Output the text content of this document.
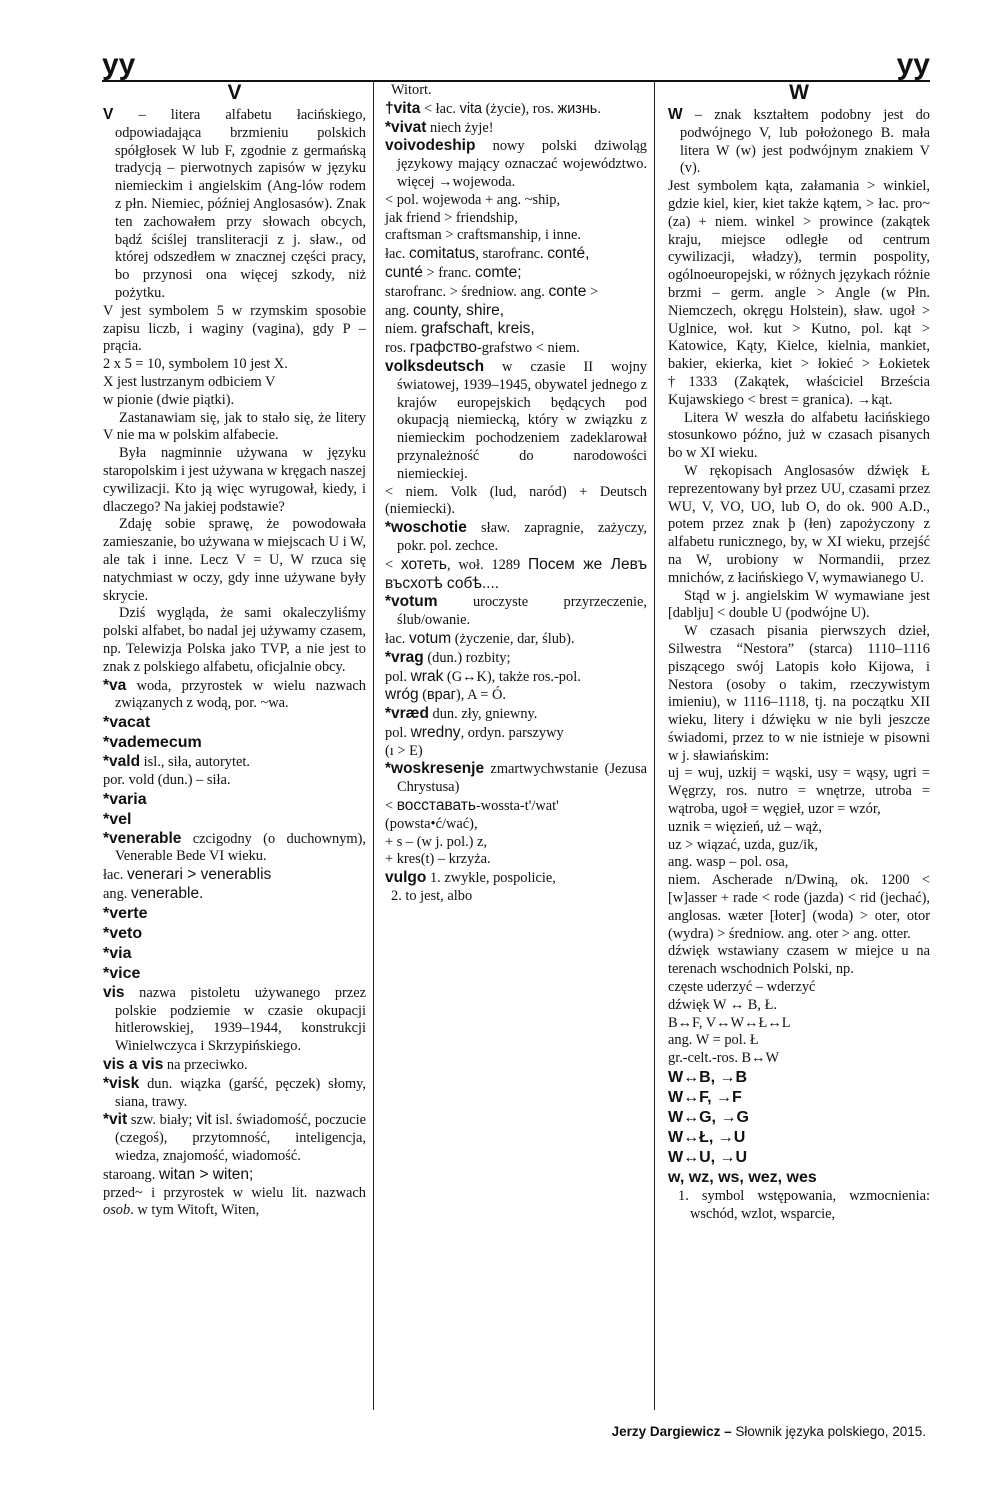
yy	yy

V

V – litera alfabetu łacińskiego, odpowiadająca brzmieniu polskich spółgłosek W lub F, zgodnie z germańską tradycją – pierwotnych zapisów w języku niemieckim i angielskim (Ang-lów rodem z płn. Niemiec, później Anglosasów). Znak ten zachowałem przy słowach obcych, bądź ściślej transliteracji z j. sław., od której odszedłem w znacznej części pracy, bo przynosi ona więcej szkody, niż pożytku.

V jest symbolem 5 w rzymskim sposobie zapisu liczb, i waginy (vagina), gdy P – prącia.

2 x 5 = 10, symbolem 10 jest X.

X jest lustrzanym odbiciem V

w pionie (dwie piątki).

Zastanawiam się, jak to stało się, że litery V nie ma w polskim alfabecie.

Była nagminnie używana w języku staropolskim i jest używana w kręgach naszej cywilizacji. Kto ją więc wyrugował, kiedy, i dlaczego? Na jakiej podstawie?

Zdaję sobie sprawę, że powodowała zamieszanie, bo używana w miejscach U i W, ale tak i inne. Lecz V = U, W rzuca się natychmiast w oczy, gdy inne używane były skrycie.

Dziś wygląda, że sami okaleczyliśmy polski alfabet, bo nadal jej używamy czasem, np. Telewizja Polska jako TVP, a nie jest to znak z polskiego alfabetu, oficjalnie obcy.

*va woda, przyrostek w wielu nazwach związanych z wodą, por. ~wa.

*vacat

*vademecum

*vald isl., siła, autorytet.

por. vold (dun.) – siła.

*varia

*vel

*venerable czcigodny (o duchownym), Venerable Bede VI wieku.

łac. venerari > venerablis

ang. venerable.

*verte

*veto

*via

*vice

vis nazwa pistoletu używanego przez polskie podziemie w czasie okupacji hitlerowskiej, 1939–1944, konstrukcji Winielwczyca i Skrzypińskiego.

vis a vis na przeciwko.

*visk dun. wiązka (garść, pęczek) słomy, siana, trawy.

*vit szw. biały; vit isl. świadomość, poczucie (czegoś), przytomność, inteligencja, wiedza, znajomość, wiadomość.

staroang. witan > witen;

przed~ i przyrostek w wielu lit. nazwach osob. w tym Witoft, Witen,

Witort.

†vita < łac. vita (życie), ros. жизнь.

*vivat niech żyje!

voivodeship nowy polski dziwoląg językowy mający oznaczać województwo. więcej →wojewoda.

< pol. wojewoda + ang. ~ship,

jak friend > friendship,

craftsman > craftsmanship, i inne.

łac. comitatus, starofranc. conté,

cunté > franc. comte;

starofranc. > średniow. ang. conte >

ang. county, shire,

niem. grafschaft, kreis,

ros. графство-grafstwo < niem.

volksdeutsch w czasie II wojny światowej, 1939–1945, obywatel jednego z krajów europejskich będących pod okupacją niemiecką, który w związku z niemieckim pochodzeniem zadeklarował przynależność do narodowości niemieckiej.

< niem. Volk (lud, naród) + Deutsch (niemiecki).

*woschotie sław. zapragnie, zażyczy, pokr. pol. zechce.

< хотеть, woł. 1289 Посем же Левъ въсхотѣ собѣ....

*votum uroczyste przyrzeczenie, ślub/owanie.

łac. votum (życzenie, dar, ślub).

*vrag (dun.) rozbity;

pol. wrak (G↔K), także ros.-pol.

wróg (враг), A = Ó.

*vræd dun. zły, gniewny.

pol. wredny, ordyn. parszywy

(ı > E)

*woskresenje zmartwychwstanie (Jezusa Chrystusa)

< восставать-wossta-t'/wat'

(powsta•ć/wać),

+ s – (w j. pol.) z,

+ kres(t) – krzyża.

vulgo 1. zwykle, pospolicie,

2. to jest, albo

W

W – znak kształtem podobny jest do podwójnego V, lub położonego B. mała litera W (w) jest podwójnym znakiem V (v).

Jest symbolem kąta, załamania > winkiel, gdzie kiel, kier, kiet także kątem, > łac. pro~ (za) + niem. winkel > prowince (zakątek kraju, miejsce odległe od centrum cywilizacji, władzy), termin pospolity, ogólnoeuropejski, w różnych językach różnie brzmi – germ. angle > Angle (w Płn. Niemczech, okręgu Holstein), sław. ugoł > Uglnice, woł. kut > Kutno, pol. kąt > Katowice, Kąty, Kielce, kielnia, mankiet, bakier, ekierka, kiet > łokieć > Łokietek †1333 (Zakątek, właściciel Brześcia Kujawskiego < brest = granica). →kąt.

Litera W weszła do alfabetu łacińskiego stosunkowo późno, już w czasach pisanych bo w XI wieku.

W rękopisach Anglosasów dźwięk Ł reprezentowany był przez UU, czasami przez WU, V, VO, UO, lub O, do ok. 900 A.D., potem przez znak þ (łen) zapożyczony z alfabetu runicznego, by, w XI wieku, przejść na W, urobiony w Normandii, przez mnichów, z łacińskiego V, wymawianego U.

Stąd w j. angielskim W wymawiane jest [dablju] < double U (podwójne U).

W czasach pisania pierwszych dzieł, Silwestra “Nestora” (starca) 1110–1116 piszącego swój Latopis koło Kijowa, i Nestora (osoby o takim, rzeczywistym imieniu), w 1116–1118, tj. na początku XII wieku, litery i dźwięku w nie byli jeszcze świadomi, przez to w nie istnieje w pisowni w j. sławiańskim:

uj = wuj, uzkij = wąski, usy = wąsy, ugri = Węgrzy, ros. nutro = wnętrze, utroba = wątroba, ugoł = węgieł, uzor = wzór,

uznik = więzień, uż – wąż,

uz > wiązać, uzda, guz/ik,

ang. wasp – pol. osa,

niem. Ascherade n/Dwiną, ok. 1200 < [w]asser + rade < rode (jazda) < rid (jechać), anglosas. wæter [łoter] (woda) > oter, otor (wydra) > średniow. ang. oter > ang. otter.

dźwięk wstawiany czasem w miejce u na terenach wschodnich Polski, np.

częste uderzyć – wderzyć

dźwięk W ↔ B, Ł.

B↔F, V↔W↔Ł↔L

ang. W = pol. Ł

gr.-celt.-ros. B↔W

W↔B, →B

W↔F, →F

W↔G, →G

W↔Ł, →U

W↔U, →U

w, wz, ws, wez, wes

1. symbol wstępowania, wzmocnienia: wschód, wzlot, wsparcie,

Jerzy Dargiewicz – Słownik języka polskiego, 2015.
